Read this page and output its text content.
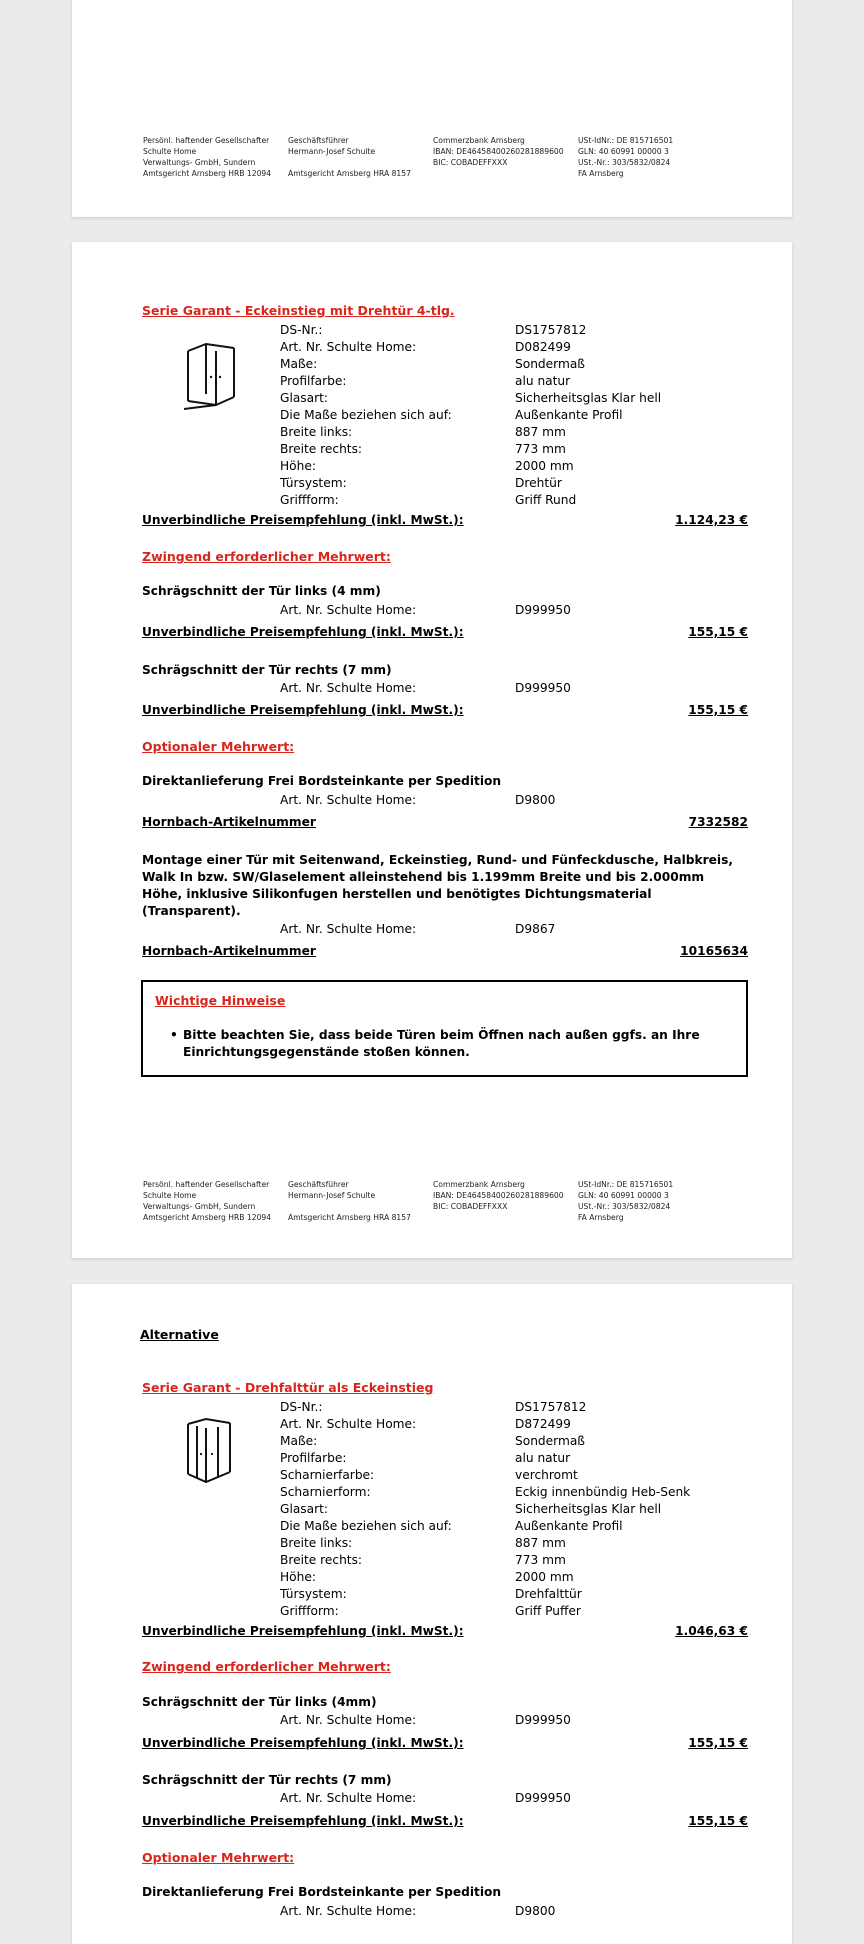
Persönl. haftender Gesellschafter
Schulte Home
Verwaltungs- GmbH, Sundern
Amtsgericht Arnsberg HRB 12094
Geschäftsführer
Hermann-Josef Schulte

Amtsgericht Arnsberg HRA 8157
Commerzbank Arnsberg
IBAN: DE46458400260281889600
BIC: COBADEFFXXX
USt-IdNr.: DE 815716501
GLN: 40 60991 00000 3
USt.-Nr.: 303/5832/0824
FA Arnsberg
Serie Garant - Eckeinstieg mit Drehtür 4-tlg.
DS-Nr.:	DS1757812
Art. Nr. Schulte Home:	D082499
Maße:	Sondermaß
Profilfarbe:	alu natur
Glasart:	Sicherheitsglas Klar hell
Die Maße beziehen sich auf:	Außenkante Profil
Breite links:	887 mm
Breite rechts:	773 mm
Höhe:	2000 mm
Türsystem:	Drehtür
Griffform:	Griff Rund
Unverbindliche Preisempfehlung (inkl. MwSt.):	1.124,23 €
Zwingend erforderlicher Mehrwert:
Schrägschnitt der Tür links (4 mm)
Art. Nr. Schulte Home:	D999950
Unverbindliche Preisempfehlung (inkl. MwSt.):	155,15 €
Schrägschnitt der Tür rechts (7 mm)
Art. Nr. Schulte Home:	D999950
Unverbindliche Preisempfehlung (inkl. MwSt.):	155,15 €
Optionaler Mehrwert:
Direktanlieferung Frei Bordsteinkante per Spedition
Art. Nr. Schulte Home:	D9800
Hornbach-Artikelnummer	7332582
Montage einer Tür mit Seitenwand, Eckeinstieg, Rund- und Fünfeckdusche, Halbkreis, Walk In bzw. SW/Glaselement alleinstehend bis 1.199mm Breite und bis 2.000mm Höhe, inklusive Silikonfugen herstellen und benötigtes Dichtungsmaterial (Transparent).
Art. Nr. Schulte Home:	D9867
Hornbach-Artikelnummer	10165634
Wichtige Hinweise
• Bitte beachten Sie, dass beide Türen beim Öffnen nach außen ggfs. an Ihre Einrichtungsgegenstände stoßen können.
Persönl. haftender Gesellschafter
Schulte Home
Verwaltungs- GmbH, Sundern
Amtsgericht Arnsberg HRB 12094
Geschäftsführer
Hermann-Josef Schulte

Amtsgericht Arnsberg HRA 8157
Commerzbank Arnsberg
IBAN: DE46458400260281889600
BIC: COBADEFFXXX
USt-IdNr.: DE 815716501
GLN: 40 60991 00000 3
USt.-Nr.: 303/5832/0824
FA Arnsberg
Alternative
Serie Garant - Drehfalttür als Eckeinstieg
DS-Nr.:	DS1757812
Art. Nr. Schulte Home:	D872499
Maße:	Sondermaß
Profilfarbe:	alu natur
Scharnierfarbe:	verchromt
Scharnierform:	Eckig innenbündig Heb-Senk
Glasart:	Sicherheitsglas Klar hell
Die Maße beziehen sich auf:	Außenkante Profil
Breite links:	887 mm
Breite rechts:	773 mm
Höhe:	2000 mm
Türsystem:	Drehfalttür
Griffform:	Griff Puffer
Unverbindliche Preisempfehlung (inkl. MwSt.):	1.046,63 €
Zwingend erforderlicher Mehrwert:
Schrägschnitt der Tür links (4mm)
Art. Nr. Schulte Home:	D999950
Unverbindliche Preisempfehlung (inkl. MwSt.):	155,15 €
Schrägschnitt der Tür rechts (7 mm)
Art. Nr. Schulte Home:	D999950
Unverbindliche Preisempfehlung (inkl. MwSt.):	155,15 €
Optionaler Mehrwert:
Direktanlieferung Frei Bordsteinkante per Spedition
Art. Nr. Schulte Home:	D9800
